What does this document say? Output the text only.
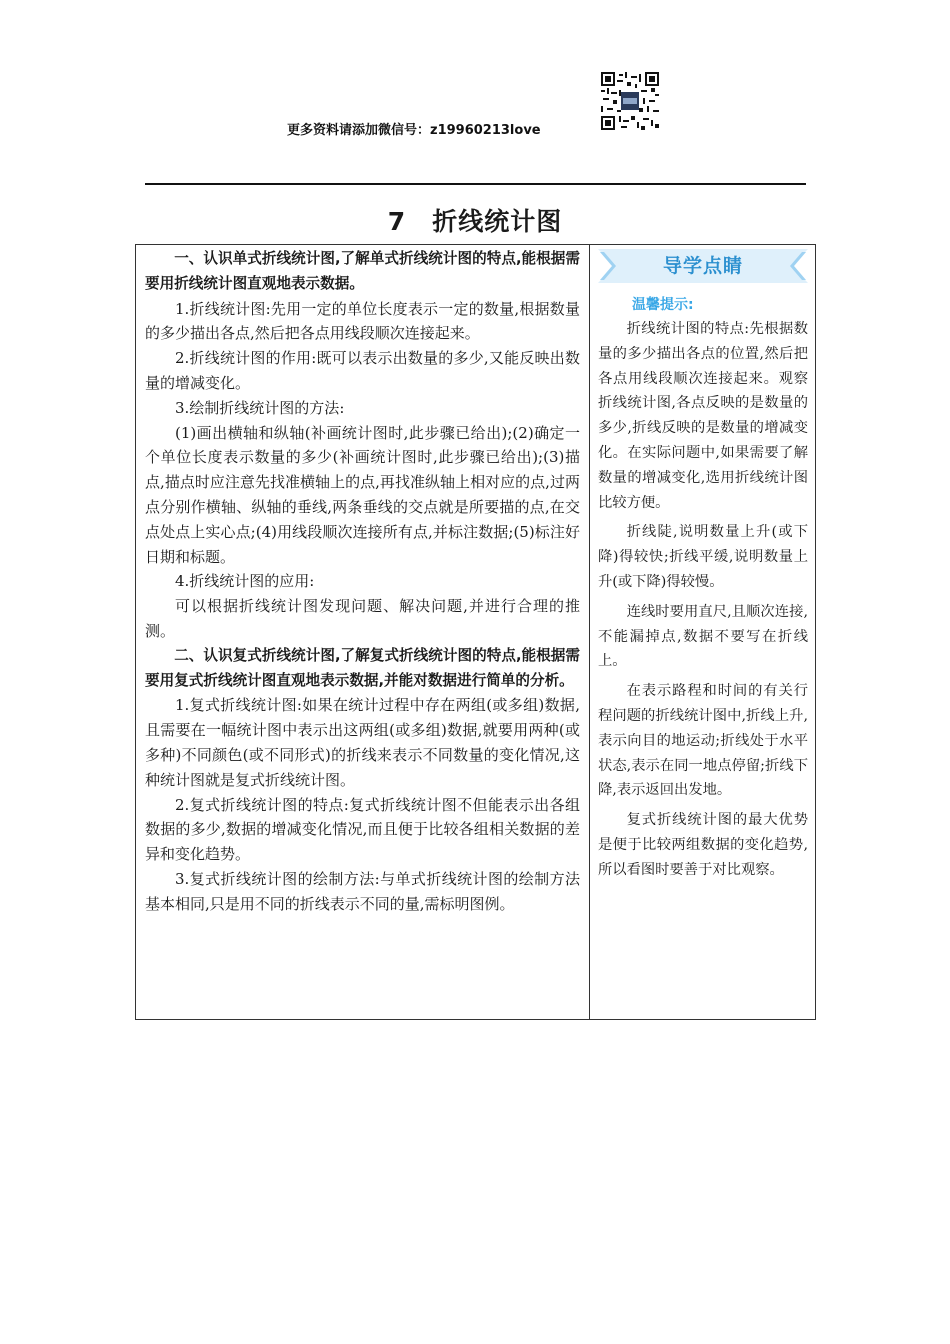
更多资料请添加微信号：z19960213love
7　折线统计图

一、认识单式折线统计图,了解单式折线统计图的特点,能根据需要用折线统计图直观地表示数据。

1.折线统计图:先用一定的单位长度表示一定的数量,根据数量的多少描出各点,然后把各点用线段顺次连接起来。

2.折线统计图的作用:既可以表示出数量的多少,又能反映出数量的增减变化。

3.绘制折线统计图的方法:

(1)画出横轴和纵轴(补画统计图时,此步骤已给出);(2)确定一个单位长度表示数量的多少(补画统计图时,此步骤已给出);(3)描点,描点时应注意先找准横轴上的点,再找准纵轴上相对应的点,过两点分别作横轴、纵轴的垂线,两条垂线的交点就是所要描的点,在交点处点上实心点;(4)用线段顺次连接所有点,并标注数据;(5)标注好日期和标题。

4.折线统计图的应用:

可以根据折线统计图发现问题、解决问题,并进行合理的推测。

二、认识复式折线统计图,了解复式折线统计图的特点,能根据需要用复式折线统计图直观地表示数据,并能对数据进行简单的分析。

1.复式折线统计图:如果在统计过程中存在两组(或多组)数据,且需要在一幅统计图中表示出这两组(或多组)数据,就要用两种(或多种)不同颜色(或不同形式)的折线来表示不同数量的变化情况,这种统计图就是复式折线统计图。

2.复式折线统计图的特点:复式折线统计图不但能表示出各组数据的多少,数据的增减变化情况,而且便于比较各组相关数据的差异和变化趋势。

3.复式折线统计图的绘制方法:与单式折线统计图的绘制方法基本相同,只是用不同的折线表示不同的量,需标明图例。

导学点睛
温馨提示:

折线统计图的特点:先根据数量的多少描出各点的位置,然后把各点用线段顺次连接起来。观察折线统计图,各点反映的是数量的多少,折线反映的是数量的增减变化。在实际问题中,如果需要了解数量的增减变化,选用折线统计图比较方便。

折线陡,说明数量上升(或下降)得较快;折线平缓,说明数量上升(或下降)得较慢。

连线时要用直尺,且顺次连接,不能漏掉点,数据不要写在折线上。

在表示路程和时间的有关行程问题的折线统计图中,折线上升,表示向目的地运动;折线处于水平状态,表示在同一地点停留;折线下降,表示返回出发地。

复式折线统计图的最大优势是便于比较两组数据的变化趋势,所以看图时要善于对比观察。
